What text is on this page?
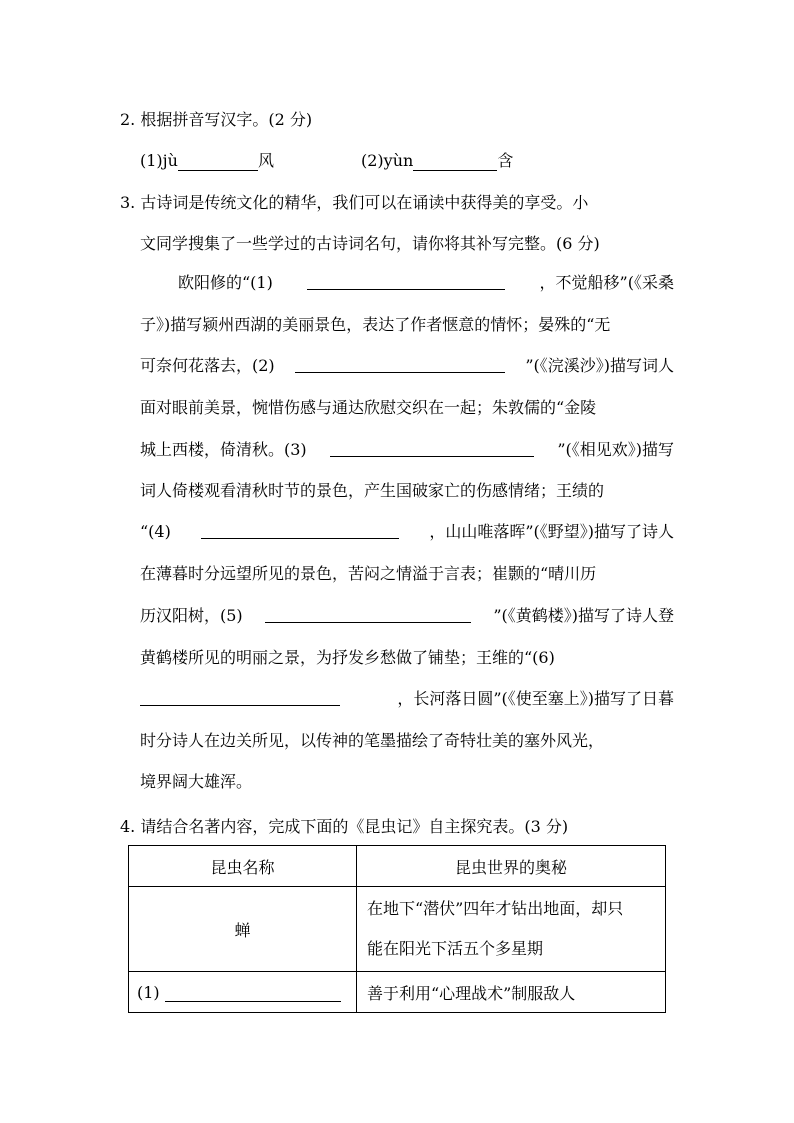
2. 根据拼音写汉字。(2 分)
(1)jù	风	(2)yùn	含
3. 古诗词是传统文化的精华，我们可以在诵读中获得美的享受。小
文同学搜集了一些学过的古诗词名句，请你将其补写完整。(6 分)
欧阳修的“(1)	，不觉船移”(《采桑
子》)描写颍州西湖的美丽景色，表达了作者惬意的情怀；晏殊的“无
可奈何花落去，(2)	”(《浣溪沙》)描写词人
面对眼前美景，惋惜伤感与通达欣慰交织在一起；朱敦儒的“金陵
城上西楼，倚清秋。(3)	”(《相见欢》)描写
词人倚楼观看清秋时节的景色，产生国破家亡的伤感情绪；王绩的
“(4)	，山山唯落晖”(《野望》)描写了诗人
在薄暮时分远望所见的景色，苦闷之情溢于言表；崔颢的“晴川历
历汉阳树，(5)	”(《黄鹤楼》)描写了诗人登
黄鹤楼所见的明丽之景，为抒发乡愁做了铺垫；王维的“(6)
，长河落日圆”(《使至塞上》)描写了日暮
时分诗人在边关所见，以传神的笔墨描绘了奇特壮美的塞外风光，
境界阔大雄浑。
4. 请结合名著内容，完成下面的《昆虫记》自主探究表。(3 分)
昆虫名称	昆虫世界的奥秘
蝉	在地下“潜伏”四年才钻出地面，却只
能在阳光下活五个多星期

(1)	善于利用“心理战术”制服敌人
